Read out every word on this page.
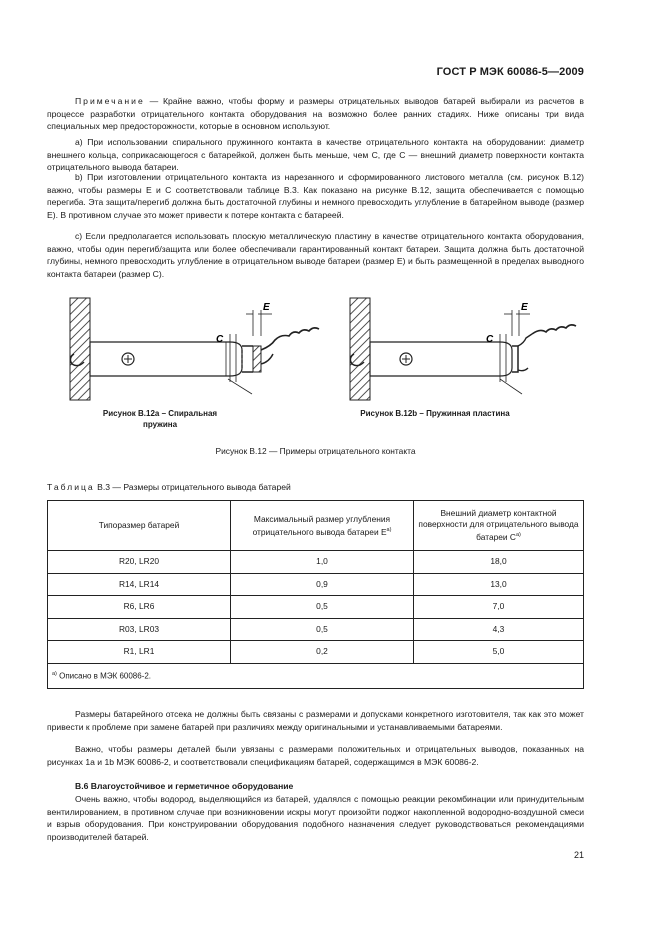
ГОСТ Р МЭК 60086-5—2009
Примечание — Крайне важно, чтобы форму и размеры отрицательных выводов батарей выбирали из расчетов в процессе разработки отрицательного контакта оборудования на возможно более ранних стадиях. Ниже описаны три вида специальных мер предосторожности, которые в основном используют.
a) При использовании спирального пружинного контакта в качестве отрицательного контакта на оборудовании: диаметр внешнего кольца, соприкасающегося с батарейкой, должен быть меньше, чем C, где C — внешний диаметр поверхности контакта отрицательного вывода батареи.
b) При изготовлении отрицательного контакта из нарезанного и сформированного листового металла (см. рисунок B.12) важно, чтобы размеры E и C соответствовали таблице B.3. Как показано на рисунке B.12, защита обеспечивается с помощью перегиба. Эта защита/перегиб должна быть достаточной глубины и немного превосходить углубление в батарейном выводе (размер E). В противном случае это может привести к потере контакта с батареей.
c) Если предполагается использовать плоскую металлическую пластину в качестве отрицательного контакта оборудования, важно, чтобы один перегиб/защита или более обеспечивали гарантированный контакт батареи. Защита должна быть достаточной глубины, немного превосходить углубление в отрицательном выводе батареи (размер E) и быть размещенной в пределах выводного контакта батареи (размер C).
E
C
E
C
Рисунок B.12а – Спиральная
пружина
Рисунок B.12b – Пружинная пластина
Рисунок B.12 — Примеры отрицательного контакта
Таблица B.3 — Размеры отрицательного вывода батарей
Типоразмер батарей	Максимальный размер углубления отрицательного вывода батареи $E^{а)}$	Внешний диаметр контактной поверхности для отрицательного вывода батареи $C^{а)}$
R20, LR20	1,0	18,0
R14, LR14	0,9	13,0
R6, LR6	0,5	7,0
R03, LR03	0,5	4,3
R1, LR1	0,2	5,0
$^{а)}$ Описано в МЭК 60086-2.		
Размеры батарейного отсека не должны быть связаны с размерами и допусками конкретного изготовителя, так как это может привести к проблеме при замене батарей при различиях между оригинальными и устанавливаемыми батареями.
Важно, чтобы размеры деталей были увязаны с размерами положительных и отрицательных выводов, показанных на рисунках 1а и 1b МЭК 60086-2, и соответствовали спецификациям батарей, содержащимся в МЭК 60086-2.
B.6 Влагоустойчивое и герметичное оборудование
Очень важно, чтобы водород, выделяющийся из батарей, удалялся с помощью реакции рекомбинации или принудительным вентилированием, в противном случае при возникновении искры могут произойти поджог накопленной водородно-воздушной смеси и взрыв оборудования. При конструировании оборудования подобного назначения следует руководствоваться рекомендациями производителей батарей.
21
